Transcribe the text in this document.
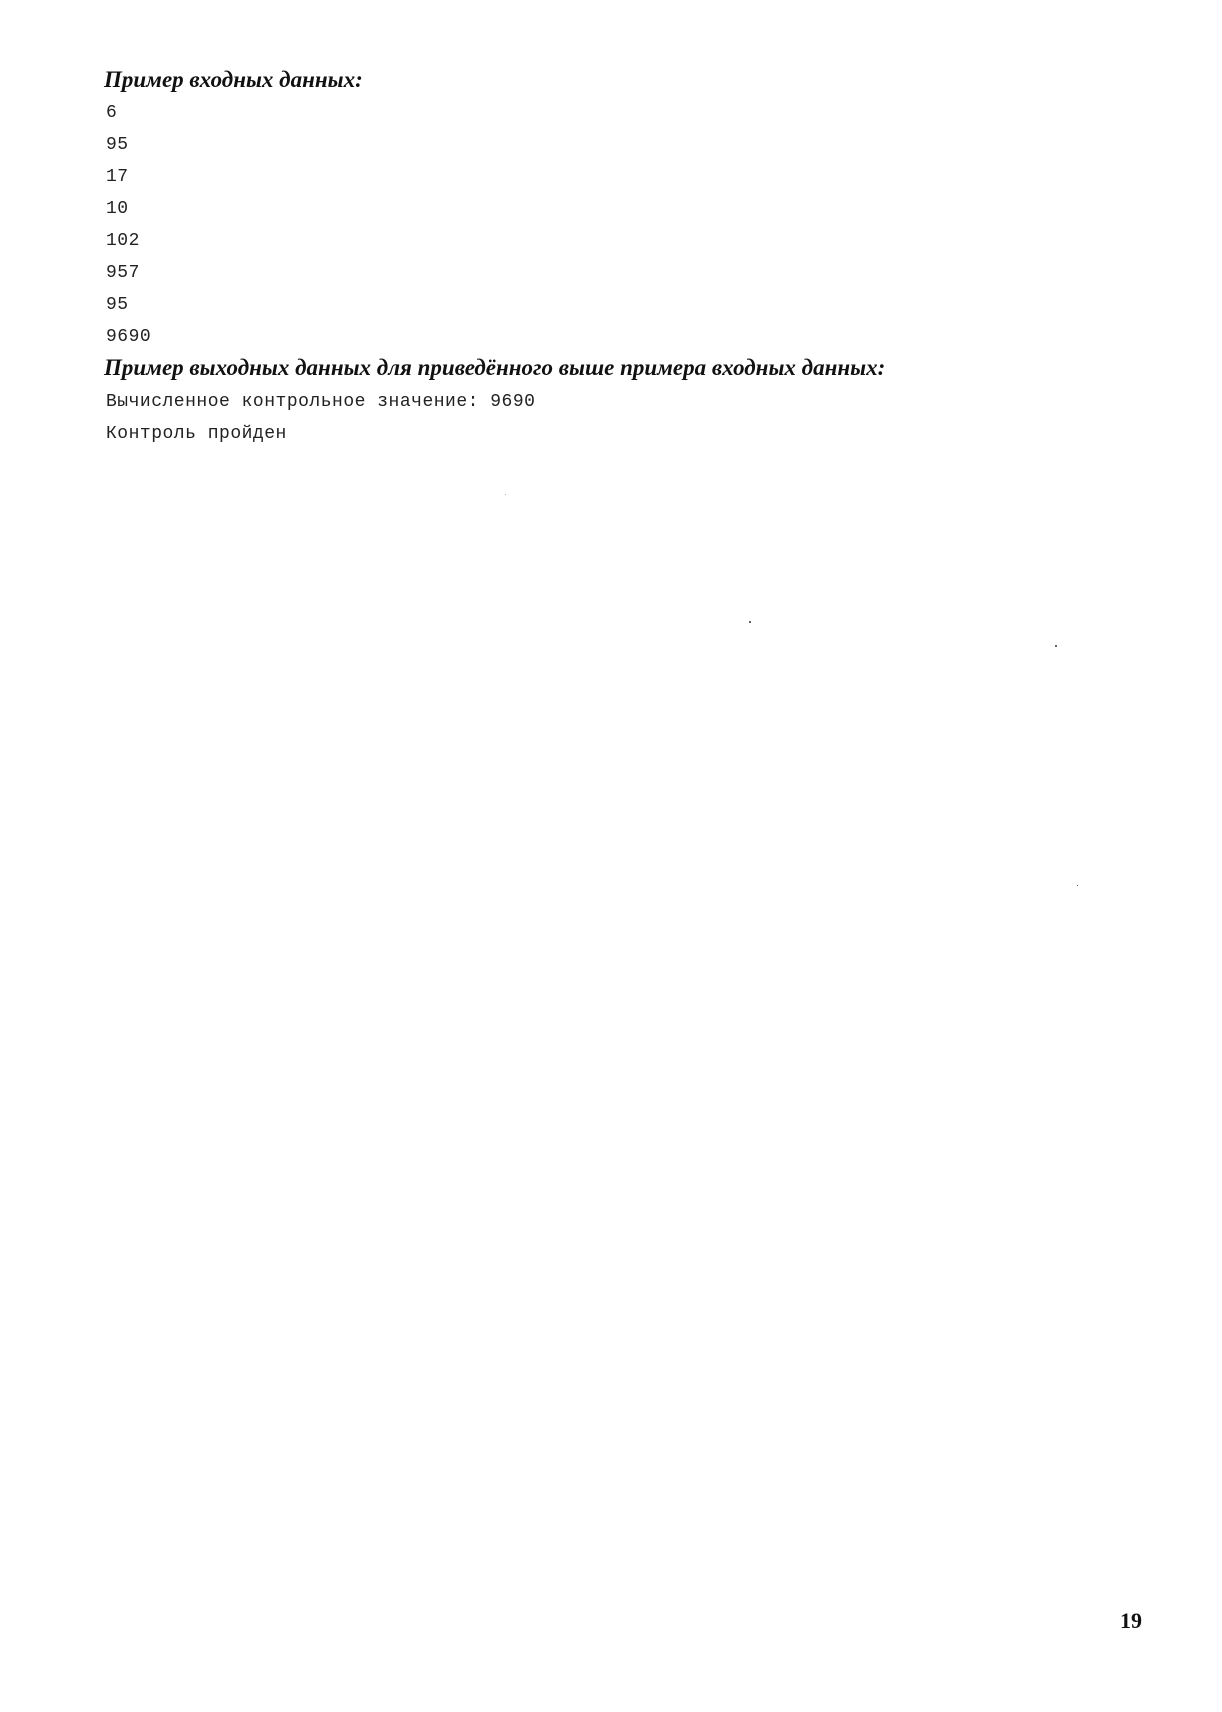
Пример входных данных:
6
95
17
10
102
957
95
9690
Пример выходных данных для приведённого выше примера входных данных:
Вычисленное контрольное значение: 9690
Контроль пройден
19
